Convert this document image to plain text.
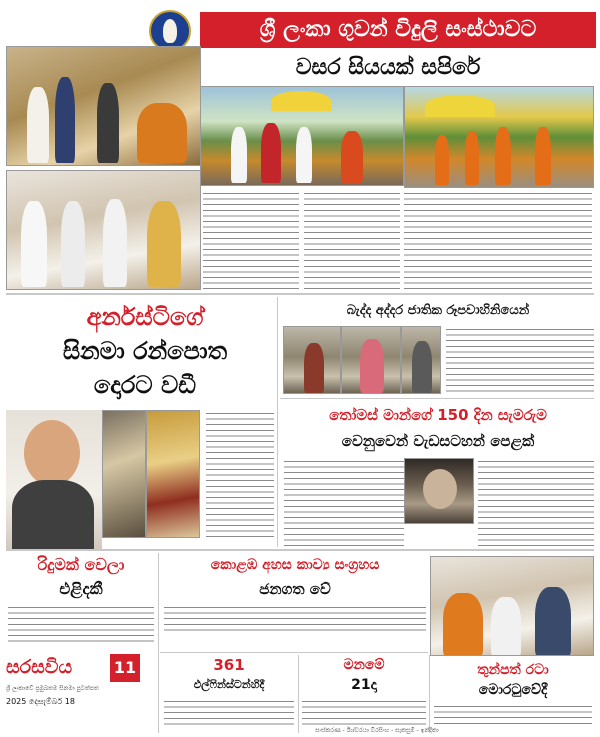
ශ්‍රී ලංකා ගුවන් විදුලි සංස්ථාවට
වසර සියයක් සපිරේ
අර්නස්ටිගේ
සිනමා රන්පොත
දොරට වඩී
බැද්ද අද්දර ජාතික රූපවාහිනියෙන්
තෝමස් මාන්ගේ 150 දින සැමරුම
වෙනුවෙන් වැඩසටහන් පෙළක්
රිදුමක් වෙලා
එළිදකී
කොළඹ අහස කාව්‍ය සංග්‍රහය
ජනගත වේ
361
ඵල්ෆින්ස්ටන්හිදී
මනමේ
21දා
තුන්පත් රටා
මොරටුවේදී
සරසවිය	11
ශ්‍රී ලංකාවේ ප්‍රමුඛතම සිනමා පුවත්පත
2025 දෙසැම්බර් 18
සංස්කරණ - ඊශ්වරයා වීරසිංහ - සැකසුම් - ඉන්දිකා
